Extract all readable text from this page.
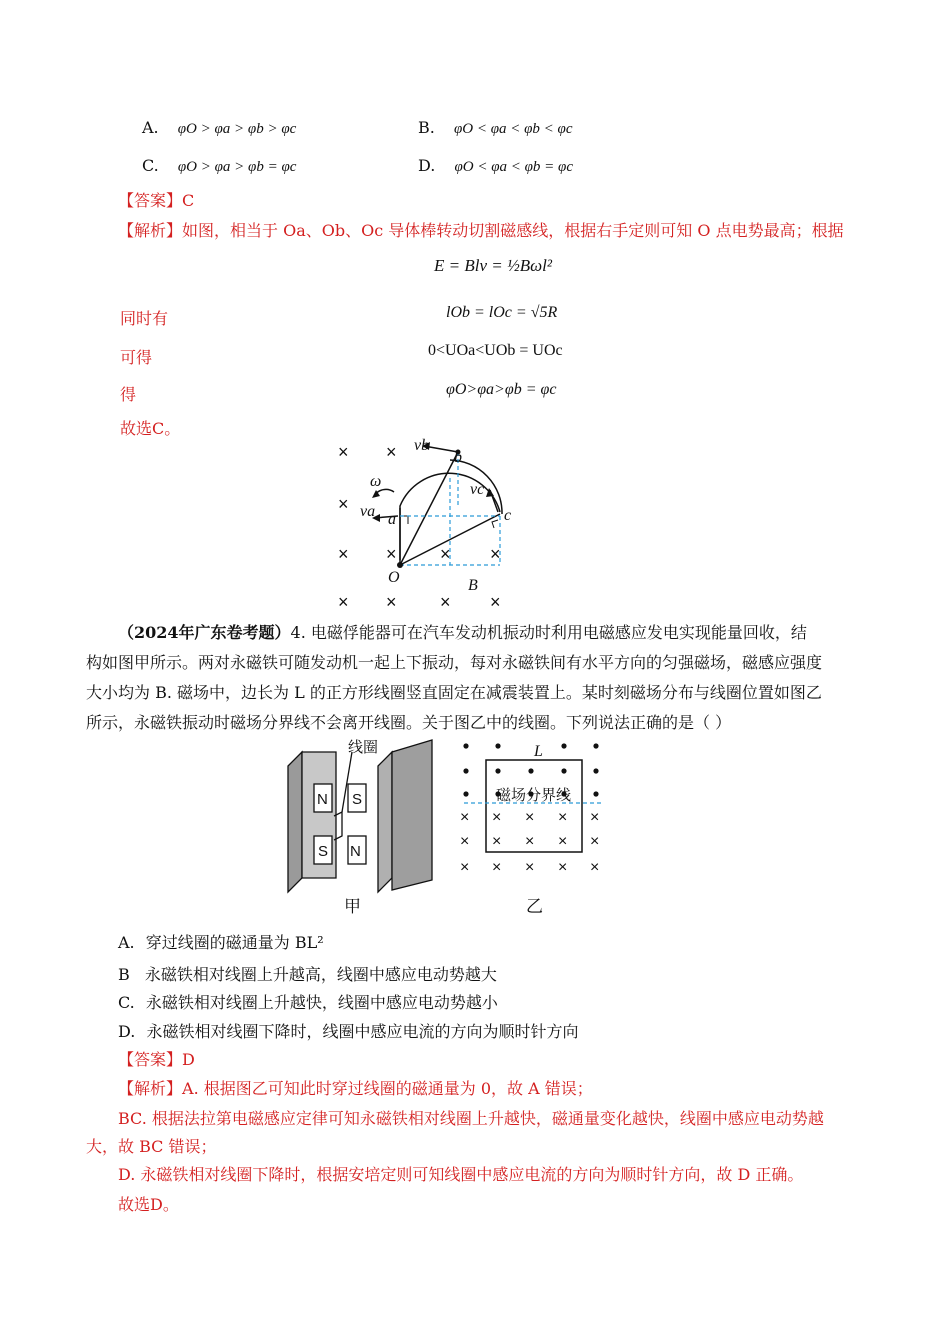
A. φO > φa > φb > φc	B. φO < φa < φb < φc
C. φO > φa > φb = φc	D. φO < φa < φb = φc
【答案】C
【解析】如图，相当于 Oa、Ob、Oc 导体棒转动切割磁感线，根据右手定则可知 O 点电势最高；根据
E = Blv = ½Bωl²
同时有	lOb = lOc = √5R
可得	0<UOa<UOb = UOc
得	φO>φa>φb = φc
故选C。
× ×
×
× × × ×
× × × ×
ω
va
vb
vc
a
b
c
O	B
（2024年广东卷考题）4. 电磁俘能器可在汽车发动机振动时利用电磁感应发电实现能量回收，结
构如图甲所示。两对永磁铁可随发动机一起上下振动，每对永磁铁间有水平方向的匀强磁场，磁感应强度
大小均为 B. 磁场中，边长为 L 的正方形线圈竖直固定在减震装置上。某时刻磁场分布与线圈位置如图乙
所示，永磁铁振动时磁场分界线不会离开线圈。关于图乙中的线圈。下列说法正确的是（ ）
线圈
N
S
S
N
甲
× × × × ×
× × × × ×
× × × × ×
L
磁场分界线
乙
A. 穿过线圈的磁通量为 BL²
B 永磁铁相对线圈上升越高，线圈中感应电动势越大
C. 永磁铁相对线圈上升越快，线圈中感应电动势越小
D. 永磁铁相对线圈下降时，线圈中感应电流的方向为顺时针方向
【答案】D
【解析】A. 根据图乙可知此时穿过线圈的磁通量为 0，故 A 错误；
BC. 根据法拉第电磁感应定律可知永磁铁相对线圈上升越快，磁通量变化越快，线圈中感应电动势越
大，故 BC 错误；
D. 永磁铁相对线圈下降时，根据安培定则可知线圈中感应电流的方向为顺时针方向，故 D 正确。
故选D。
